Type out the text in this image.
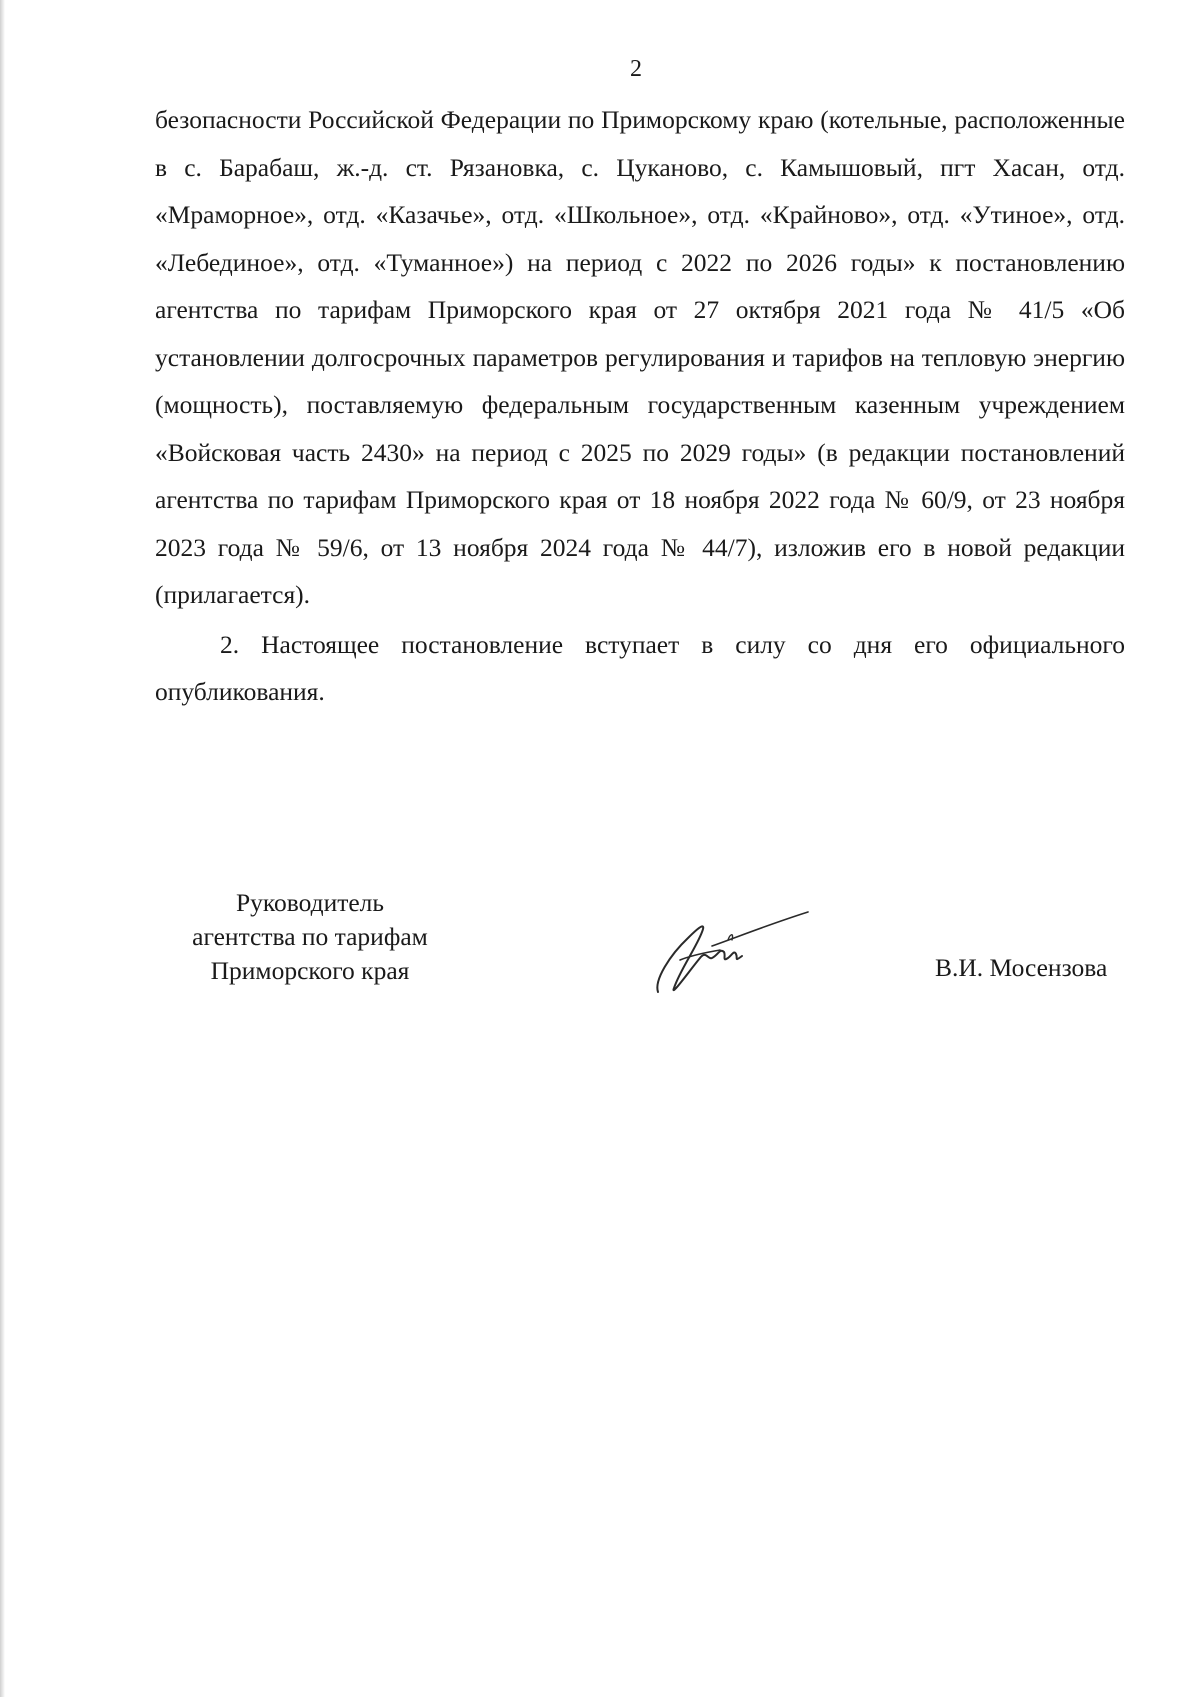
2

безопасности Российской Федерации по Приморскому краю (котельные, расположенные в с. Барабаш, ж.-д. ст. Рязановка, с. Цуканово, с. Камышовый, пгт Хасан, отд. «Мраморное», отд. «Казачье», отд. «Школьное», отд. «Крайново», отд. «Утиное», отд. «Лебединое», отд. «Туманное») на период с 2022 по 2026 годы» к постановлению агентства по тарифам Приморского края от 27 октября 2021 года № 41/5 «Об установлении долгосрочных параметров регулирования и тарифов на тепловую энергию (мощность), поставляемую федеральным государственным казенным учреждением «Войсковая часть 2430» на период с 2025 по 2029 годы» (в редакции постановлений агентства по тарифам Приморского края от 18 ноября 2022 года № 60/9, от 23 ноября 2023 года № 59/6, от 13 ноября 2024 года № 44/7), изложив его в новой редакции (прилагается).

2. Настоящее постановление вступает в силу со дня его официального опубликования.

Руководитель
агентства по тарифам
Приморского края	В.И. Мосензова
